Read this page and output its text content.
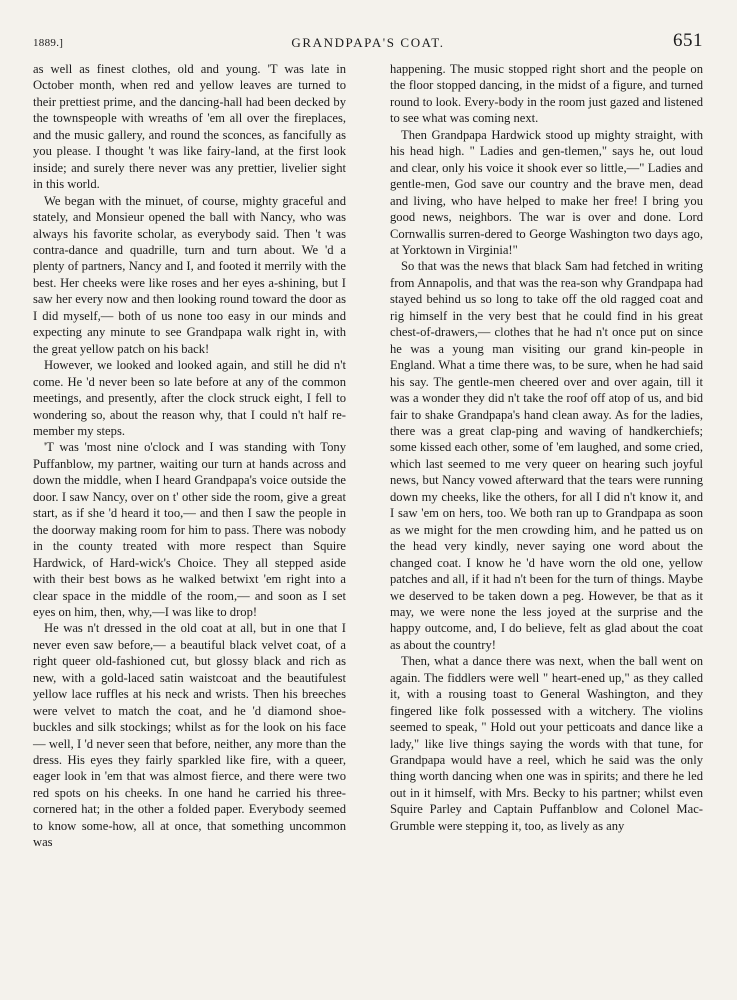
1889.]	GRANDPAPA'S COAT.	651

as well as finest clothes, old and young. 'T was late in October month, when red and yellow leaves are turned to their prettiest prime, and the dancing-hall had been decked by the townspeople with wreaths of 'em all over the fireplaces, and the music gallery, and round the sconces, as fancifully as you please. I thought 't was like fairy-land, at the first look inside; and surely there never was any prettier, livelier sight in this world.

We began with the minuet, of course, mighty graceful and stately, and Monsieur opened the ball with Nancy, who was always his favorite scholar, as everybody said. Then 't was contra-dance and quadrille, turn and turn about. We 'd a plenty of partners, Nancy and I, and footed it merrily with the best. Her cheeks were like roses and her eyes a-shining, but I saw her every now and then looking round toward the door as I did myself,— both of us none too easy in our minds and expecting any minute to see Grandpapa walk right in, with the great yellow patch on his back!

However, we looked and looked again, and still he did n't come. He 'd never been so late before at any of the common meetings, and presently, after the clock struck eight, I fell to wondering so, about the reason why, that I could n't half re-member my steps.

'T was 'most nine o'clock and I was standing with Tony Puffanblow, my partner, waiting our turn at hands across and down the middle, when I heard Grandpapa's voice outside the door. I saw Nancy, over on t' other side the room, give a great start, as if she 'd heard it too,— and then I saw the people in the doorway making room for him to pass. There was nobody in the county treated with more respect than Squire Hardwick, of Hard-wick's Choice. They all stepped aside with their best bows as he walked betwixt 'em right into a clear space in the middle of the room,— and soon as I set eyes on him, then, why,—I was like to drop!

He was n't dressed in the old coat at all, but in one that I never even saw before,— a beautiful black velvet coat, of a right queer old-fashioned cut, but glossy black and rich as new, with a gold-laced satin waistcoat and the beautifulest yellow lace ruffles at his neck and wrists. Then his breeches were velvet to match the coat, and he 'd diamond shoe-buckles and silk stockings; whilst as for the look on his face — well, I 'd never seen that before, neither, any more than the dress. His eyes they fairly sparkled like fire, with a queer, eager look in 'em that was almost fierce, and there were two red spots on his cheeks. In one hand he carried his three-cornered hat; in the other a folded paper. Everybody seemed to know some-how, all at once, that something uncommon was

happening. The music stopped right short and the people on the floor stopped dancing, in the midst of a figure, and turned round to look. Every-body in the room just gazed and listened to see what was coming next.

Then Grandpapa Hardwick stood up mighty straight, with his head high. " Ladies and gen-tlemen," says he, out loud and clear, only his voice it shook ever so little,—" Ladies and gentle-men, God save our country and the brave men, dead and living, who have helped to make her free! I bring you good news, neighbors. The war is over and done. Lord Cornwallis surren-dered to George Washington two days ago, at Yorktown in Virginia!"

So that was the news that black Sam had fetched in writing from Annapolis, and that was the rea-son why Grandpapa had stayed behind us so long to take off the old ragged coat and rig himself in the very best that he could find in his great chest-of-drawers,— clothes that he had n't once put on since he was a young man visiting our grand kin-people in England. What a time there was, to be sure, when he had said his say. The gentle-men cheered over and over again, till it was a wonder they did n't take the roof off atop of us, and bid fair to shake Grandpapa's hand clean away. As for the ladies, there was a great clap-ping and waving of handkerchiefs; some kissed each other, some of 'em laughed, and some cried, which last seemed to me very queer on hearing such joyful news, but Nancy vowed afterward that the tears were running down my cheeks, like the others, for all I did n't know it, and I saw 'em on hers, too. We both ran up to Grandpapa as soon as we might for the men crowding him, and he patted us on the head very kindly, never saying one word about the changed coat. I know he 'd have worn the old one, yellow patches and all, if it had n't been for the turn of things. Maybe we deserved to be taken down a peg. However, be that as it may, we were none the less joyed at the surprise and the happy outcome, and, I do believe, felt as glad about the coat as about the country!

Then, what a dance there was next, when the ball went on again. The fiddlers were well " heart-ened up," as they called it, with a rousing toast to General Washington, and they fingered like folk possessed with a witchery. The violins seemed to speak, " Hold out your petticoats and dance like a lady," like live things saying the words with that tune, for Grandpapa would have a reel, which he said was the only thing worth dancing when one was in spirits; and there he led out in it himself, with Mrs. Becky to his partner; whilst even Squire Parley and Captain Puffanblow and Colonel Mac-Grumble were stepping it, too, as lively as any
